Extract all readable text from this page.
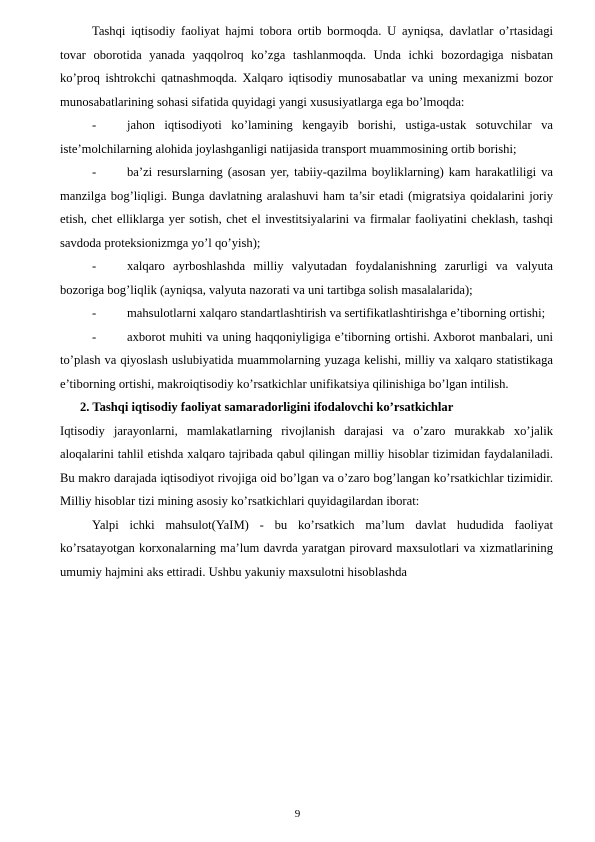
Tashqi iqtisodiy faoliyat hajmi tobora ortib bormoqda. U ayniqsa, davlatlar o’rtasidagi tovar oborotida yanada yaqqolroq ko’zga tashlanmoqda. Unda ichki bozordagiga nisbatan ko’proq ishtrokchi qatnashmoqda. Xalqaro iqtisodiy munosabatlar va uning mexanizmi bozor munosabatlarining sohasi sifatida quyidagi yangi xususiyatlarga ega bo’lmoqda:

- jahon iqtisodiyoti ko’lamining kengayib borishi, ustiga-ustak sotuvchilar va iste’molchilarning alohida joylashganligi natijasida transport muammosining ortib borishi;

- ba’zi resurslarning (asosan yer, tabiiy-qazilma boyliklarning) kam harakatliligi va manzilga bog’liqligi. Bunga davlatning aralashuvi ham ta’sir etadi (migratsiya qoidalarini joriy etish, chet elliklarga yer sotish, chet el investitsiyalarini va firmalar faoliyatini cheklash, tashqi savdoda proteksionizmga yo’l qo’yish);

- xalqaro ayrboshlashda milliy valyutadan foydalanishning zarurligi va valyuta bozoriga bog’liqlik (ayniqsa, valyuta nazorati va uni tartibga solish masalalarida);

- mahsulotlarni xalqaro standartlashtirish va sertifikatlashtirishga e’tiborning ortishi;

- axborot muhiti va uning haqqoniyligiga e’tiborning ortishi. Axborot manbalari, uni to’plash va qiyoslash uslubiyatida muammolarning yuzaga kelishi, milliy va xalqaro statistikaga e’tiborning ortishi, makroiqtisodiy ko’rsatkichlar unifikatsiya qilinishiga bo’lgan intilish.

2. Tashqi iqtisodiy faoliyat samaradorligini ifodalovchi ko’rsatkichlar

Iqtisodiy jarayonlarni, mamlakatlarning rivojlanish darajasi va o’zaro murakkab xo’jalik aloqalarini tahlil etishda xalqaro tajribada qabul qilingan milliy hisoblar tizimidan faydalaniladi. Bu makro darajada iqtisodiyot rivojiga oid bo’lgan va o’zaro bog’langan ko’rsatkichlar tizimidir. Milliy hisoblar tizi mining asosiy ko’rsatkichlari quyidagilardan iborat:

Yalpi ichki mahsulot(YaIM) - bu ko’rsatkich ma’lum davlat hududida faoliyat ko’rsatayotgan korxonalarning ma’lum davrda yaratgan pirovard maxsulotlari va xizmatlarining umumiy hajmini aks ettiradi. Ushbu yakuniy maxsulotni hisoblashda

9
